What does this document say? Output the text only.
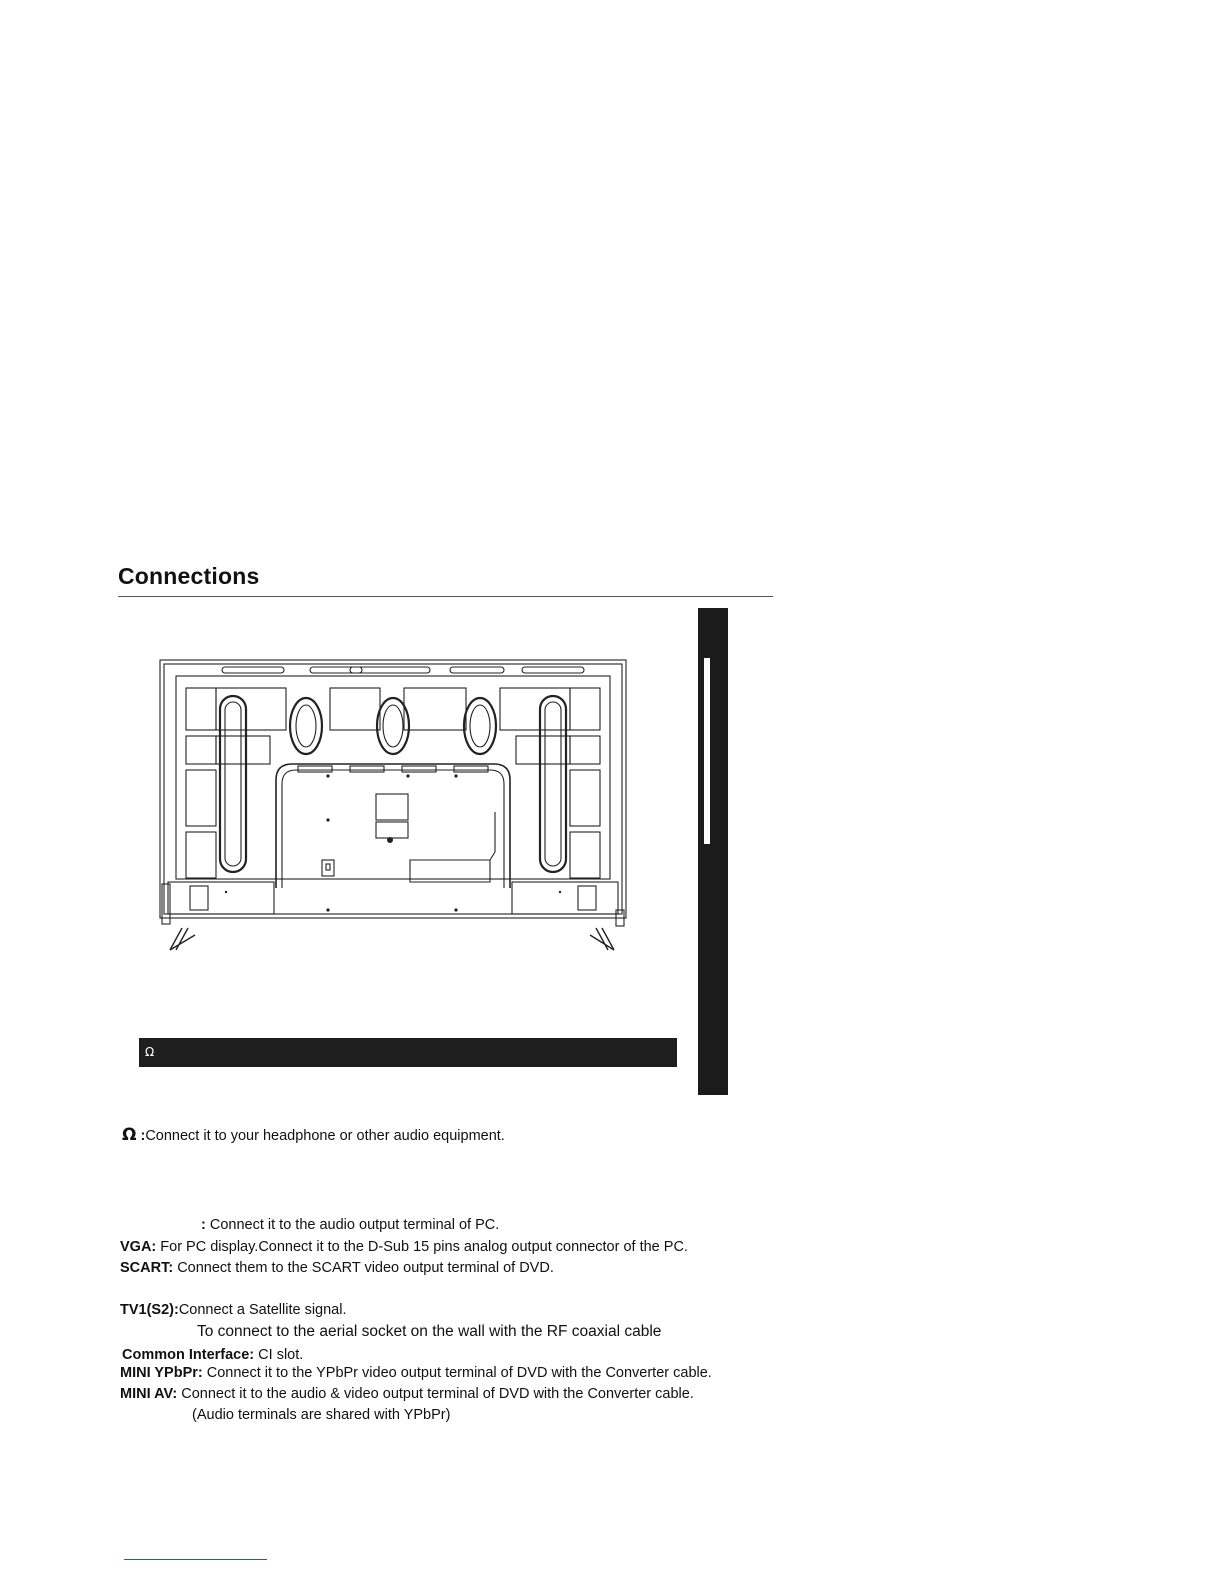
Connections
Ω
Ω :Connect it to your headphone or other audio equipment.
: Connect it to the audio output terminal of PC.
VGA: For PC display.Connect it to the D-Sub 15 pins analog output connector of the PC.
SCART: Connect them to the SCART video output terminal of DVD.
TV1(S2):Connect a Satellite signal.
To connect to the aerial socket on the wall with the RF coaxial cable
Common Interface: CI slot.
MINI YPbPr: Connect it to the YPbPr video output terminal of DVD with the Converter cable.
MINI AV: Connect it to the audio & video output terminal of DVD with the Converter cable.
(Audio terminals are shared with YPbPr)
